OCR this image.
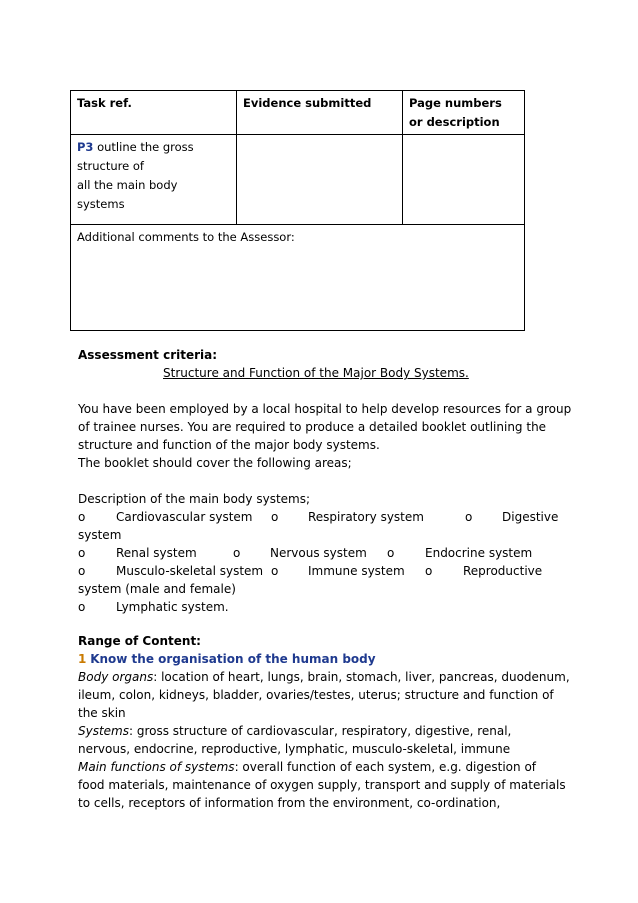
Task ref.	Evidence submitted	Page numbers or description
P3 outline the gross
structure of
all the main body
systems		
Additional comments to the Assessor:		
Assessment criteria:
Structure and Function of the Major Body Systems.
You have been employed by a local hospital to help develop resources for a group
of trainee nurses. You are required to produce a detailed booklet outlining the
structure and function of the major body systems.
The booklet should cover the following areas;
Description of the main body systems;
o	Cardiovascular system o Respiratory system	o Digestive
system
o	Renal system	o Nervous system o	Endocrine system
o	Musculo-skeletal system o Immune system o	Reproductive
system (male and female)
o	Lymphatic system.
Range of Content:
1 Know the organisation of the human body
Body organs: location of heart, lungs, brain, stomach, liver, pancreas, duodenum,
ileum, colon, kidneys, bladder, ovaries/testes, uterus; structure and function of
the skin
Systems: gross structure of cardiovascular, respiratory, digestive, renal,
nervous, endocrine, reproductive, lymphatic, musculo-skeletal, immune
Main functions of systems: overall function of each system, e.g. digestion of
food materials, maintenance of oxygen supply, transport and supply of materials
to cells, receptors of information from the environment, co-ordination,
